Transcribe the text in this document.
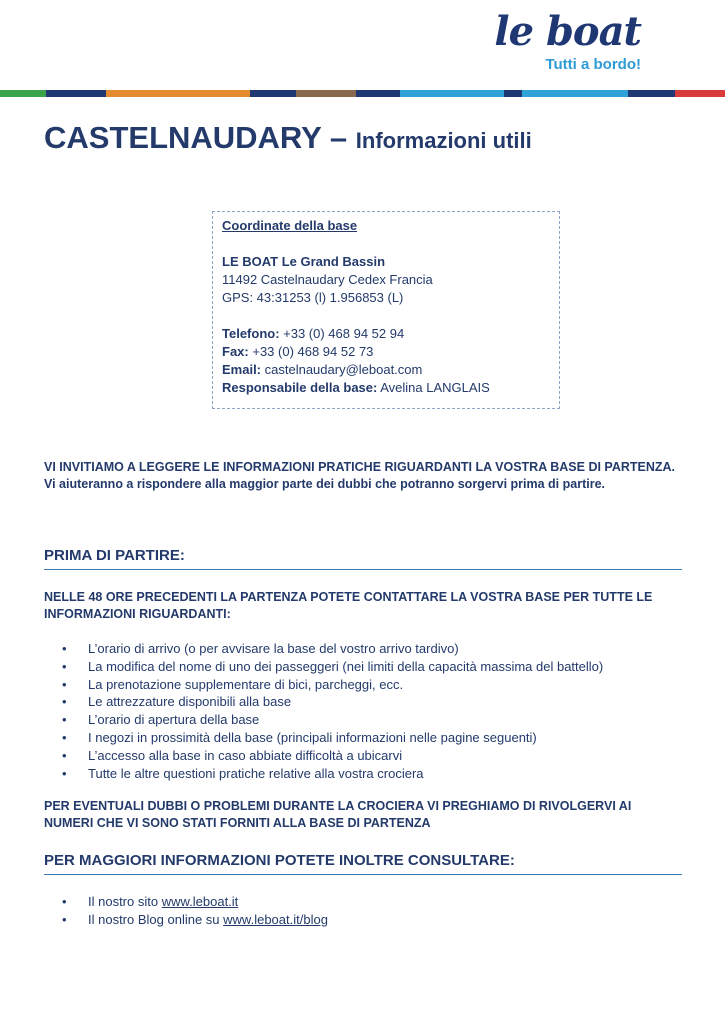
le boat
Tutti a bordo!
CASTELNAUDARY – Informazioni utili
Coordinate della base
LE BOAT Le Grand Bassin
11492 Castelnaudary Cedex Francia
GPS: 43:31253 (l) 1.956853 (L)
Telefono: +33 (0) 468 94 52 94
Fax: +33 (0) 468 94 52 73
Email: castelnaudary@leboat.com
Responsabile della base: Avelina LANGLAIS
VI INVITIAMO A LEGGERE LE INFORMAZIONI PRATICHE RIGUARDANTI LA VOSTRA BASE DI PARTENZA.
Vi aiuteranno a rispondere alla maggior parte dei dubbi che potranno sorgervi prima di partire.
PRIMA DI PARTIRE:
NELLE 48 ORE PRECEDENTI LA PARTENZA POTETE CONTATTARE LA VOSTRA BASE PER TUTTE LE INFORMAZIONI RIGUARDANTI:
• L’orario di arrivo (o per avvisare la base del vostro arrivo tardivo)
• La modifica del nome di uno dei passeggeri (nei limiti della capacità massima del battello)
• La prenotazione supplementare di bici, parcheggi, ecc.
• Le attrezzature disponibili alla base
• L’orario di apertura della base
• I negozi in prossimità della base (principali informazioni nelle pagine seguenti)
• L’accesso alla base in caso abbiate difficoltà a ubicarvi
• Tutte le altre questioni pratiche relative alla vostra crociera
PER EVENTUALI DUBBI O PROBLEMI DURANTE LA CROCIERA VI PREGHIAMO DI RIVOLGERVI AI NUMERI CHE VI SONO STATI FORNITI ALLA BASE DI PARTENZA
PER MAGGIORI INFORMAZIONI POTETE INOLTRE CONSULTARE:
• Il nostro sito www.leboat.it
• Il nostro Blog online su www.leboat.it/blog
